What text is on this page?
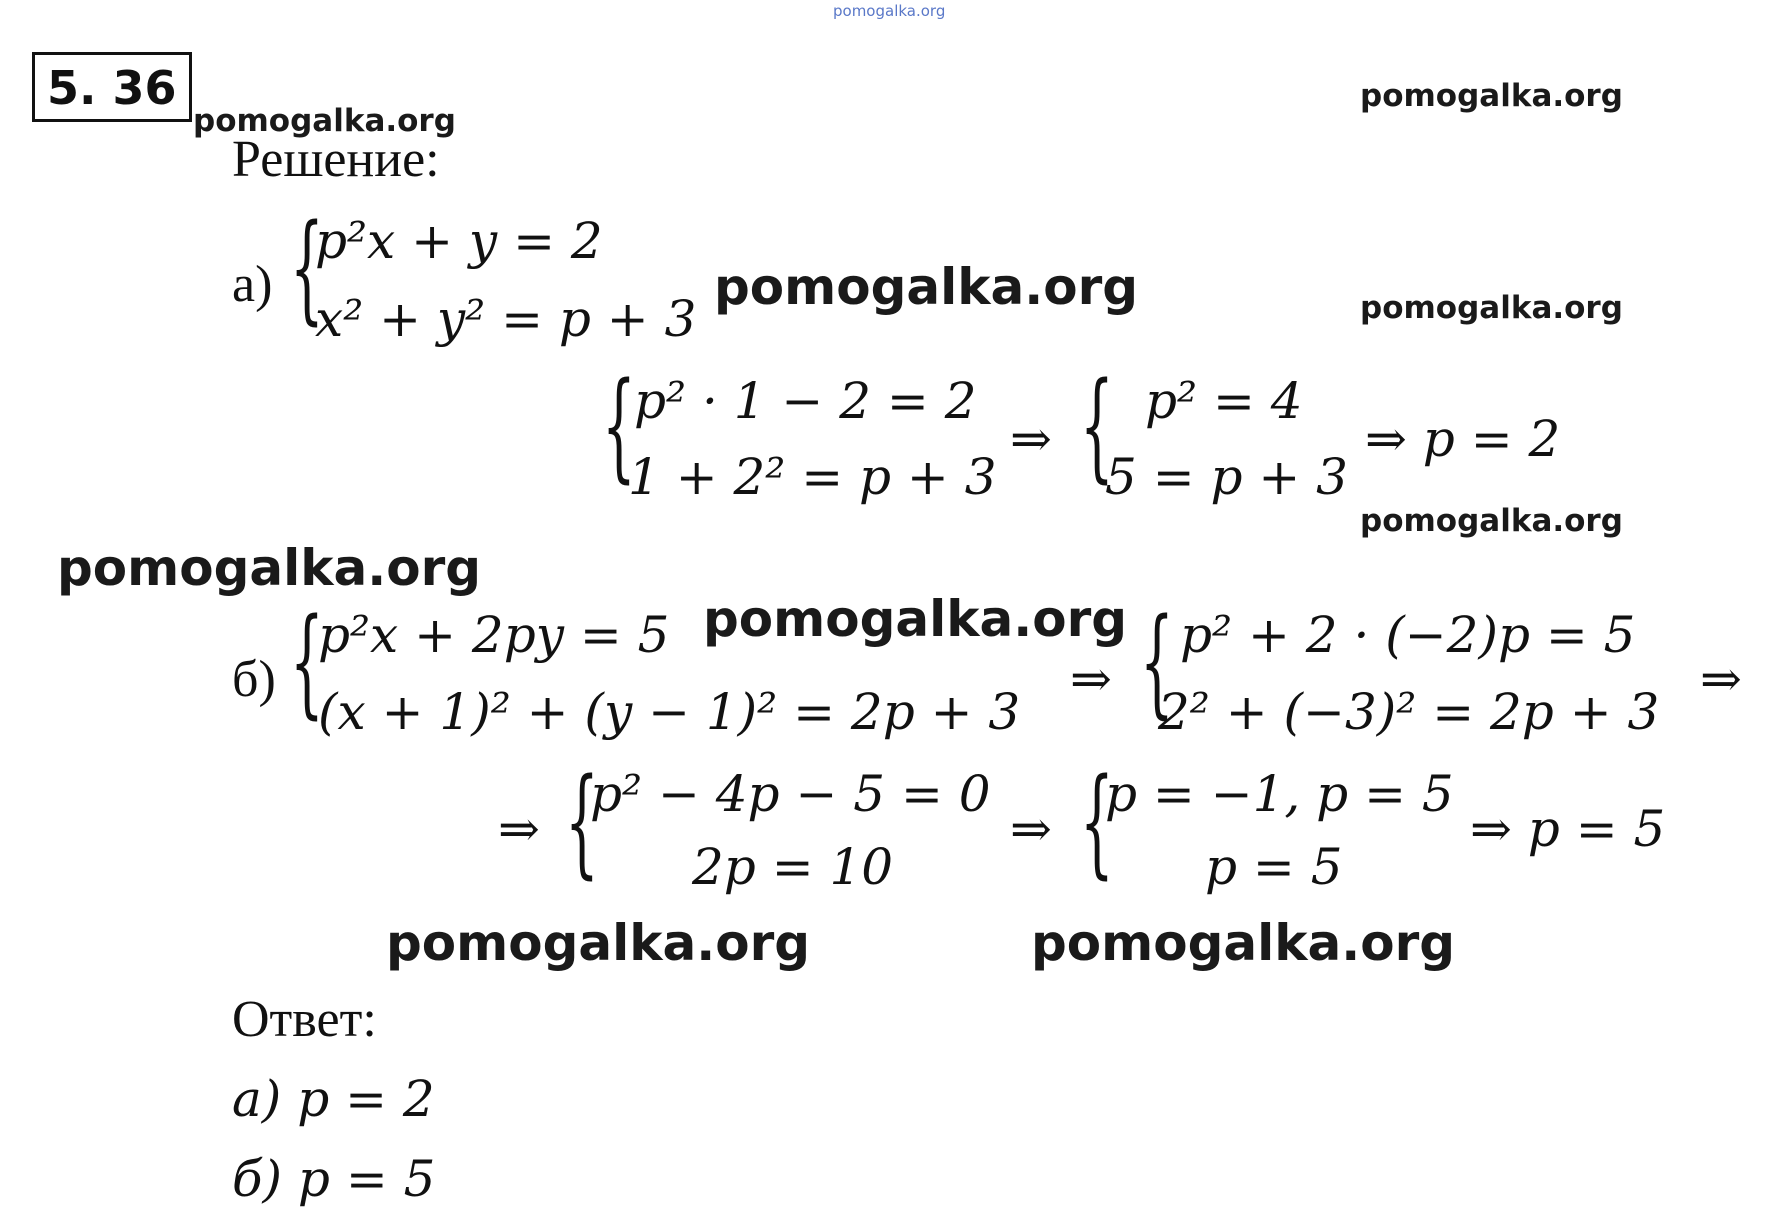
pomogalka.org
pomogalka.org
pomogalka.org
pomogalka.org	pomogalka.org
pomogalka.org
pomogalka.org
pomogalka.org
pomogalka.org	pomogalka.org
5. 36
Решение:
а) {
p²x + y = 2
x² + y² = p + 3
{
p² · 1 − 2 = 2
1 + 2² = p + 3
⇒ { p² = 4
5 = p + 3
⇒ p = 2
б) {
p²x + 2py = 5
(x + 1)² + (y − 1)² = 2p + 3
⇒ { p² + 2 · (−2)p = 5
2² + (−3)² = 2p + 3
⇒
⇒ {
p² − 4p − 5 = 0
2p = 10
⇒ {
p = −1, p = 5
p = 5
⇒ p = 5
Ответ:
а) p = 2
б) p = 5
